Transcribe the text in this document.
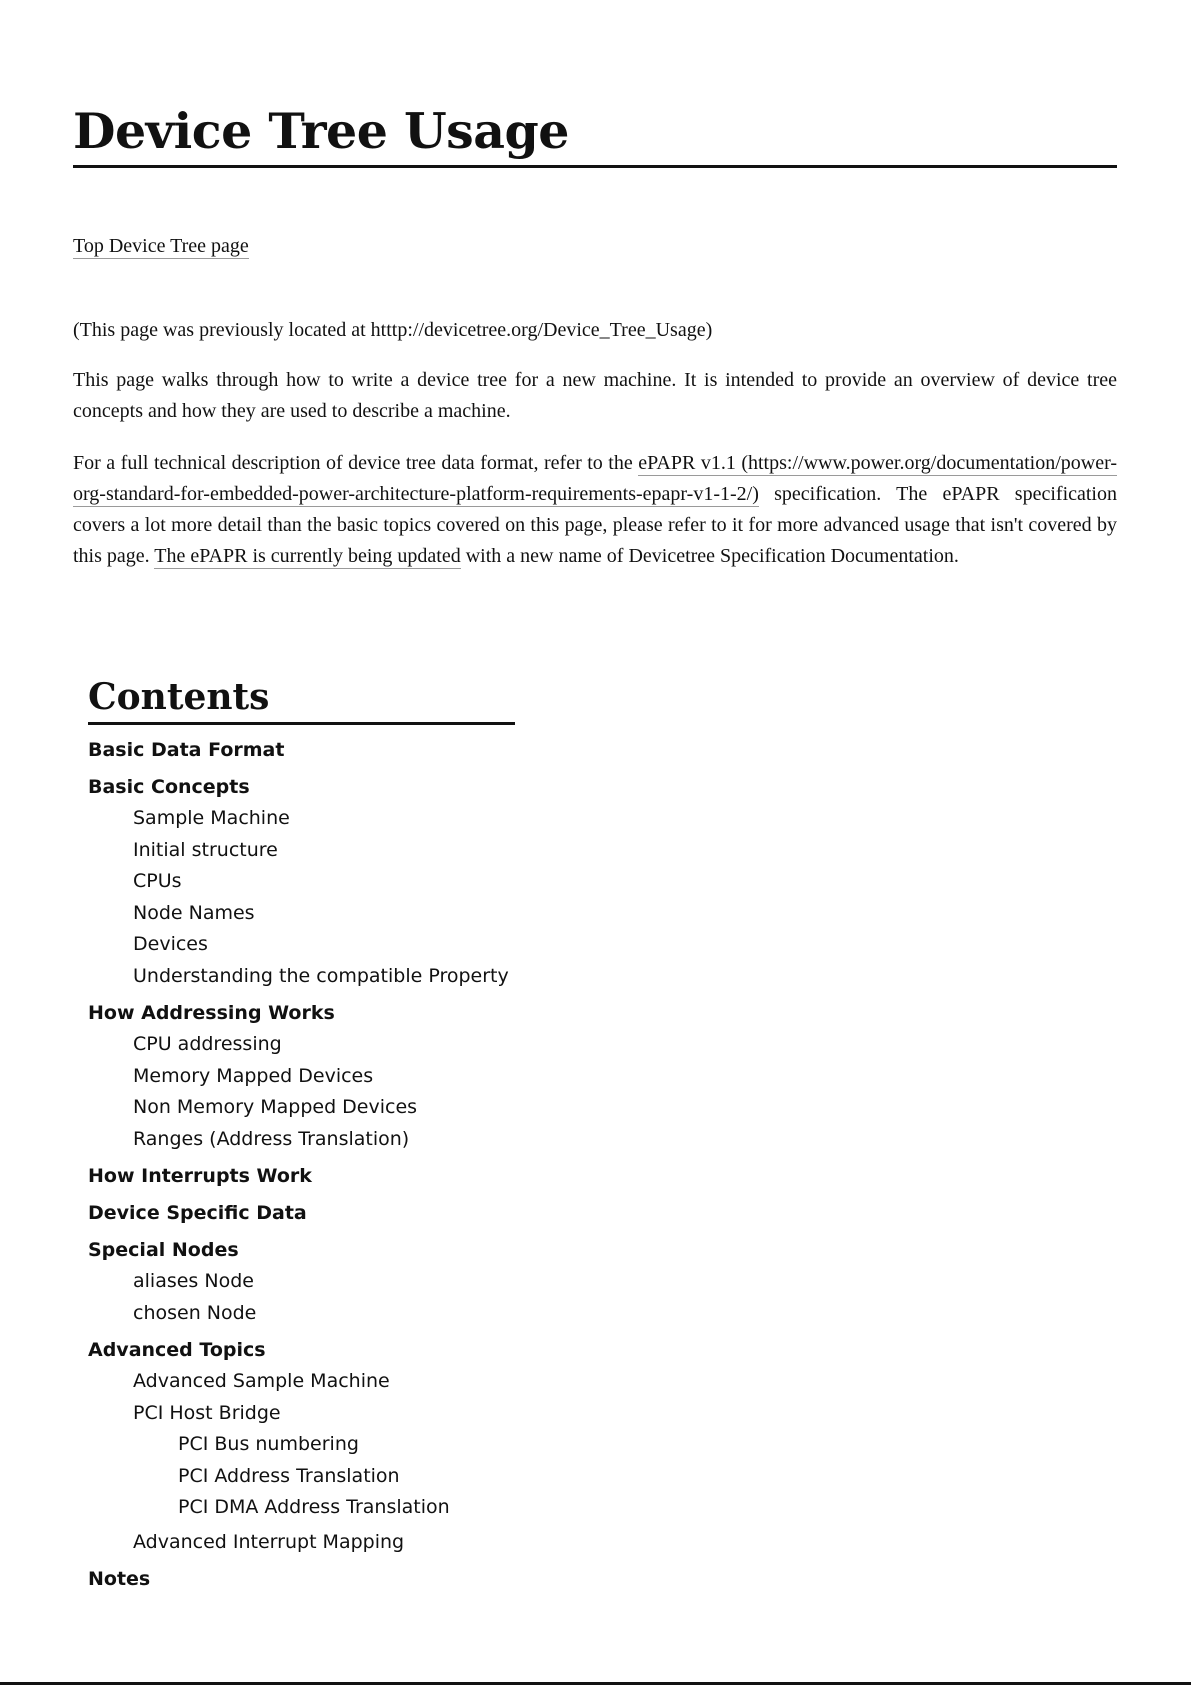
Device Tree Usage
Top Device Tree page

(This page was previously located at htttp://devicetree.org/Device_Tree_Usage)

This page walks through how to write a device tree for a new machine. It is intended to provide an overview of device tree concepts and how they are used to describe a machine.

For a full technical description of device tree data format, refer to the ePAPR v1.1 (https://www.power.org/documentation/power-org-standard-for-embedded-power-architecture-platform-requirements-epapr-v1-1-2/) specification. The ePAPR specification covers a lot more detail than the basic topics covered on this page, please refer to it for more advanced usage that isn't covered by this page. The ePAPR is currently being updated with a new name of Devicetree Specification Documentation.

Contents
Basic Data Format
Basic Concepts
Sample Machine
Initial structure
CPUs
Node Names
Devices
Understanding the compatible Property
How Addressing Works
CPU addressing
Memory Mapped Devices
Non Memory Mapped Devices
Ranges (Address Translation)
How Interrupts Work
Device Specific Data
Special Nodes
aliases Node
chosen Node
Advanced Topics
Advanced Sample Machine
PCI Host Bridge
PCI Bus numbering
PCI Address Translation
PCI DMA Address Translation
Advanced Interrupt Mapping
Notes
